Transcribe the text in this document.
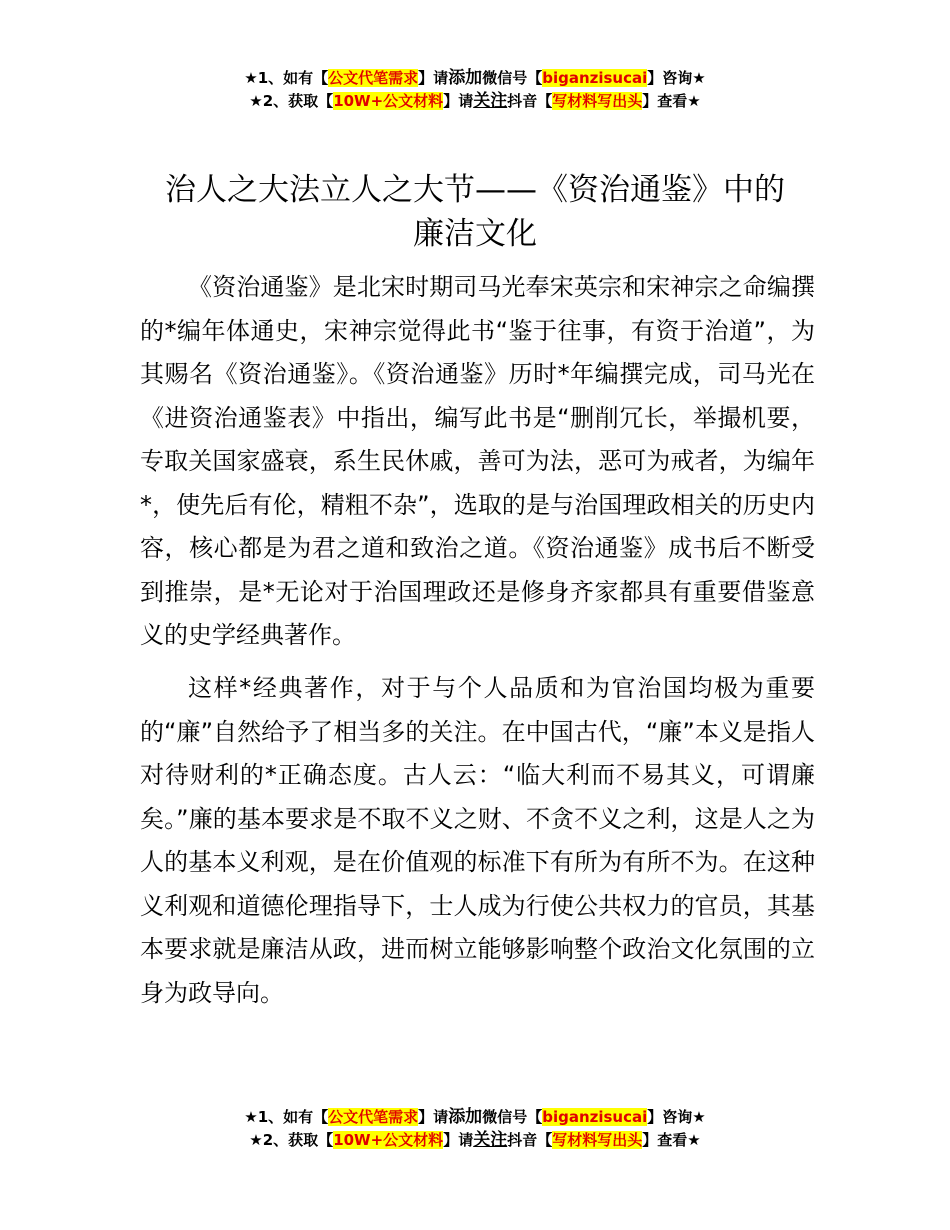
★1、如有【公文代笔需求】请添加微信号【biganzisucai】咨询★
★2、获取【10W+公文材料】请关注抖音【写材料写出头】查看★
治人之大法立人之大节——《资治通鉴》中的
廉洁文化

《资治通鉴》是北宋时期司马光奉宋英宗和宋神宗之命编撰的*编年体通史，宋神宗觉得此书“鉴于往事，有资于治道”，为其赐名《资治通鉴》。《资治通鉴》历时*年编撰完成，司马光在《进资治通鉴表》中指出，编写此书是“删削冗长，举撮机要，专取关国家盛衰，系生民休戚，善可为法，恶可为戒者，为编年*，使先后有伦，精粗不杂”，选取的是与治国理政相关的历史内容，核心都是为君之道和致治之道。《资治通鉴》成书后不断受到推崇，是*无论对于治国理政还是修身齐家都具有重要借鉴意义的史学经典著作。

这样*经典著作，对于与个人品质和为官治国均极为重要的“廉”自然给予了相当多的关注。在中国古代，“廉”本义是指人对待财利的*正确态度。古人云：“临大利而不易其义，可谓廉矣。”廉的基本要求是不取不义之财、不贪不义之利，这是人之为人的基本义利观，是在价值观的标准下有所为有所不为。在这种义利观和道德伦理指导下，士人成为行使公共权力的官员，其基本要求就是廉洁从政，进而树立能够影响整个政治文化氛围的立身为政导向。

★1、如有【公文代笔需求】请添加微信号【biganzisucai】咨询★
★2、获取【10W+公文材料】请关注抖音【写材料写出头】查看★
